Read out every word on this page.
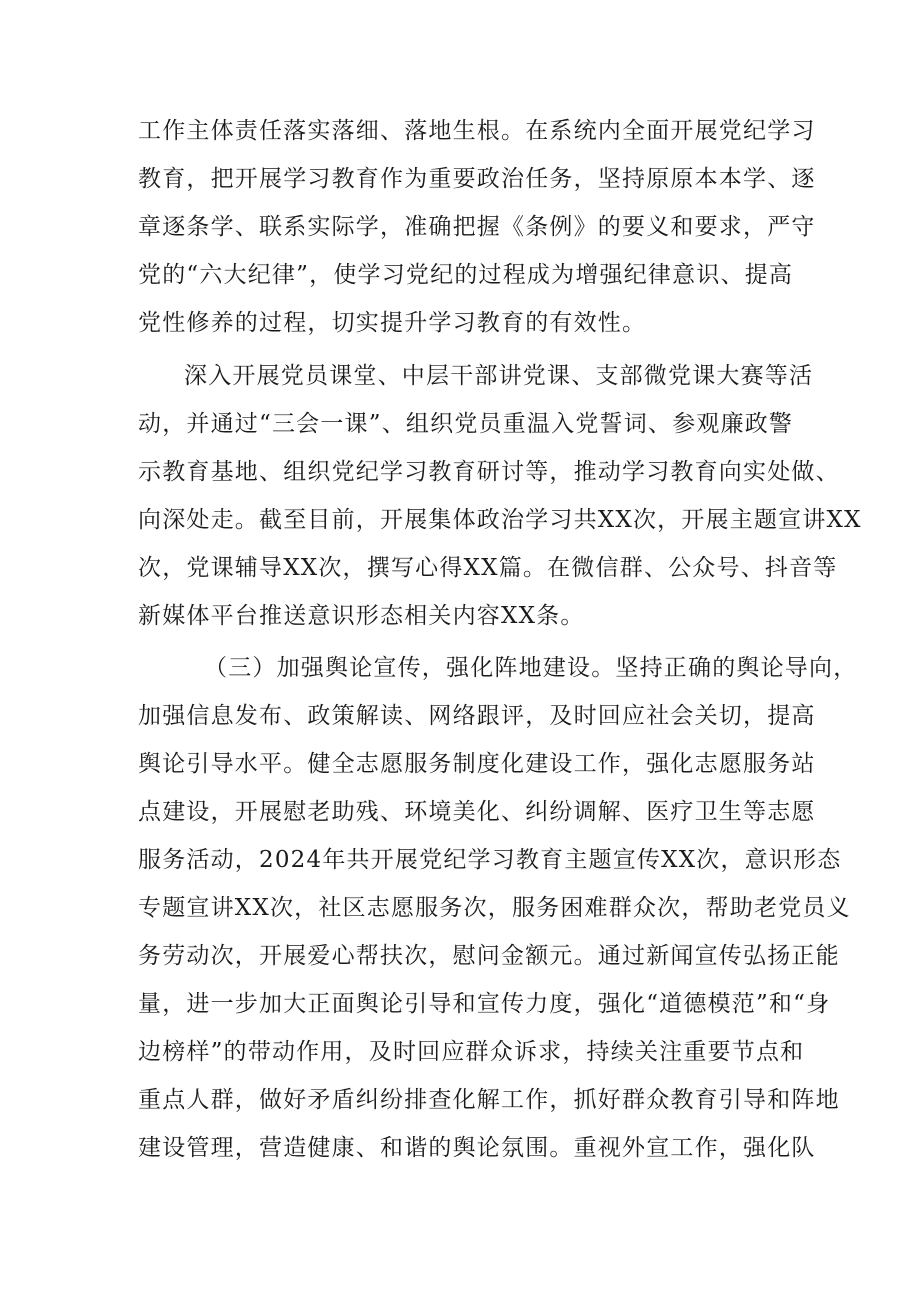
工作主体责任落实落细、落地生根。在系统内全面开展党纪学习
教育，把开展学习教育作为重要政治任务，坚持原原本本学、逐
章逐条学、联系实际学，准确把握《条例》的要义和要求，严守
党的“六大纪律”，使学习党纪的过程成为增强纪律意识、提高
党性修养的过程，切实提升学习教育的有效性。
深入开展党员课堂、中层干部讲党课、支部微党课大赛等活
动，并通过“三会一课”、组织党员重温入党誓词、参观廉政警
示教育基地、组织党纪学习教育研讨等，推动学习教育向实处做、
向深处走。截至目前，开展集体政治学习共XX次，开展主题宣讲XX
次，党课辅导XX次，撰写心得XX篇。在微信群、公众号、抖音等
新媒体平台推送意识形态相关内容XX条。
（三）加强舆论宣传，强化阵地建设。坚持正确的舆论导向，
加强信息发布、政策解读、网络跟评，及时回应社会关切，提高
舆论引导水平。健全志愿服务制度化建设工作，强化志愿服务站
点建设，开展慰老助残、环境美化、纠纷调解、医疗卫生等志愿
服务活动，2024年共开展党纪学习教育主题宣传XX次，意识形态
专题宣讲XX次，社区志愿服务次，服务困难群众次，帮助老党员义
务劳动次，开展爱心帮扶次，慰问金额元。通过新闻宣传弘扬正能
量，进一步加大正面舆论引导和宣传力度，强化“道德模范”和“身
边榜样”的带动作用，及时回应群众诉求，持续关注重要节点和
重点人群，做好矛盾纠纷排查化解工作，抓好群众教育引导和阵地
建设管理，营造健康、和谐的舆论氛围。重视外宣工作，强化队
